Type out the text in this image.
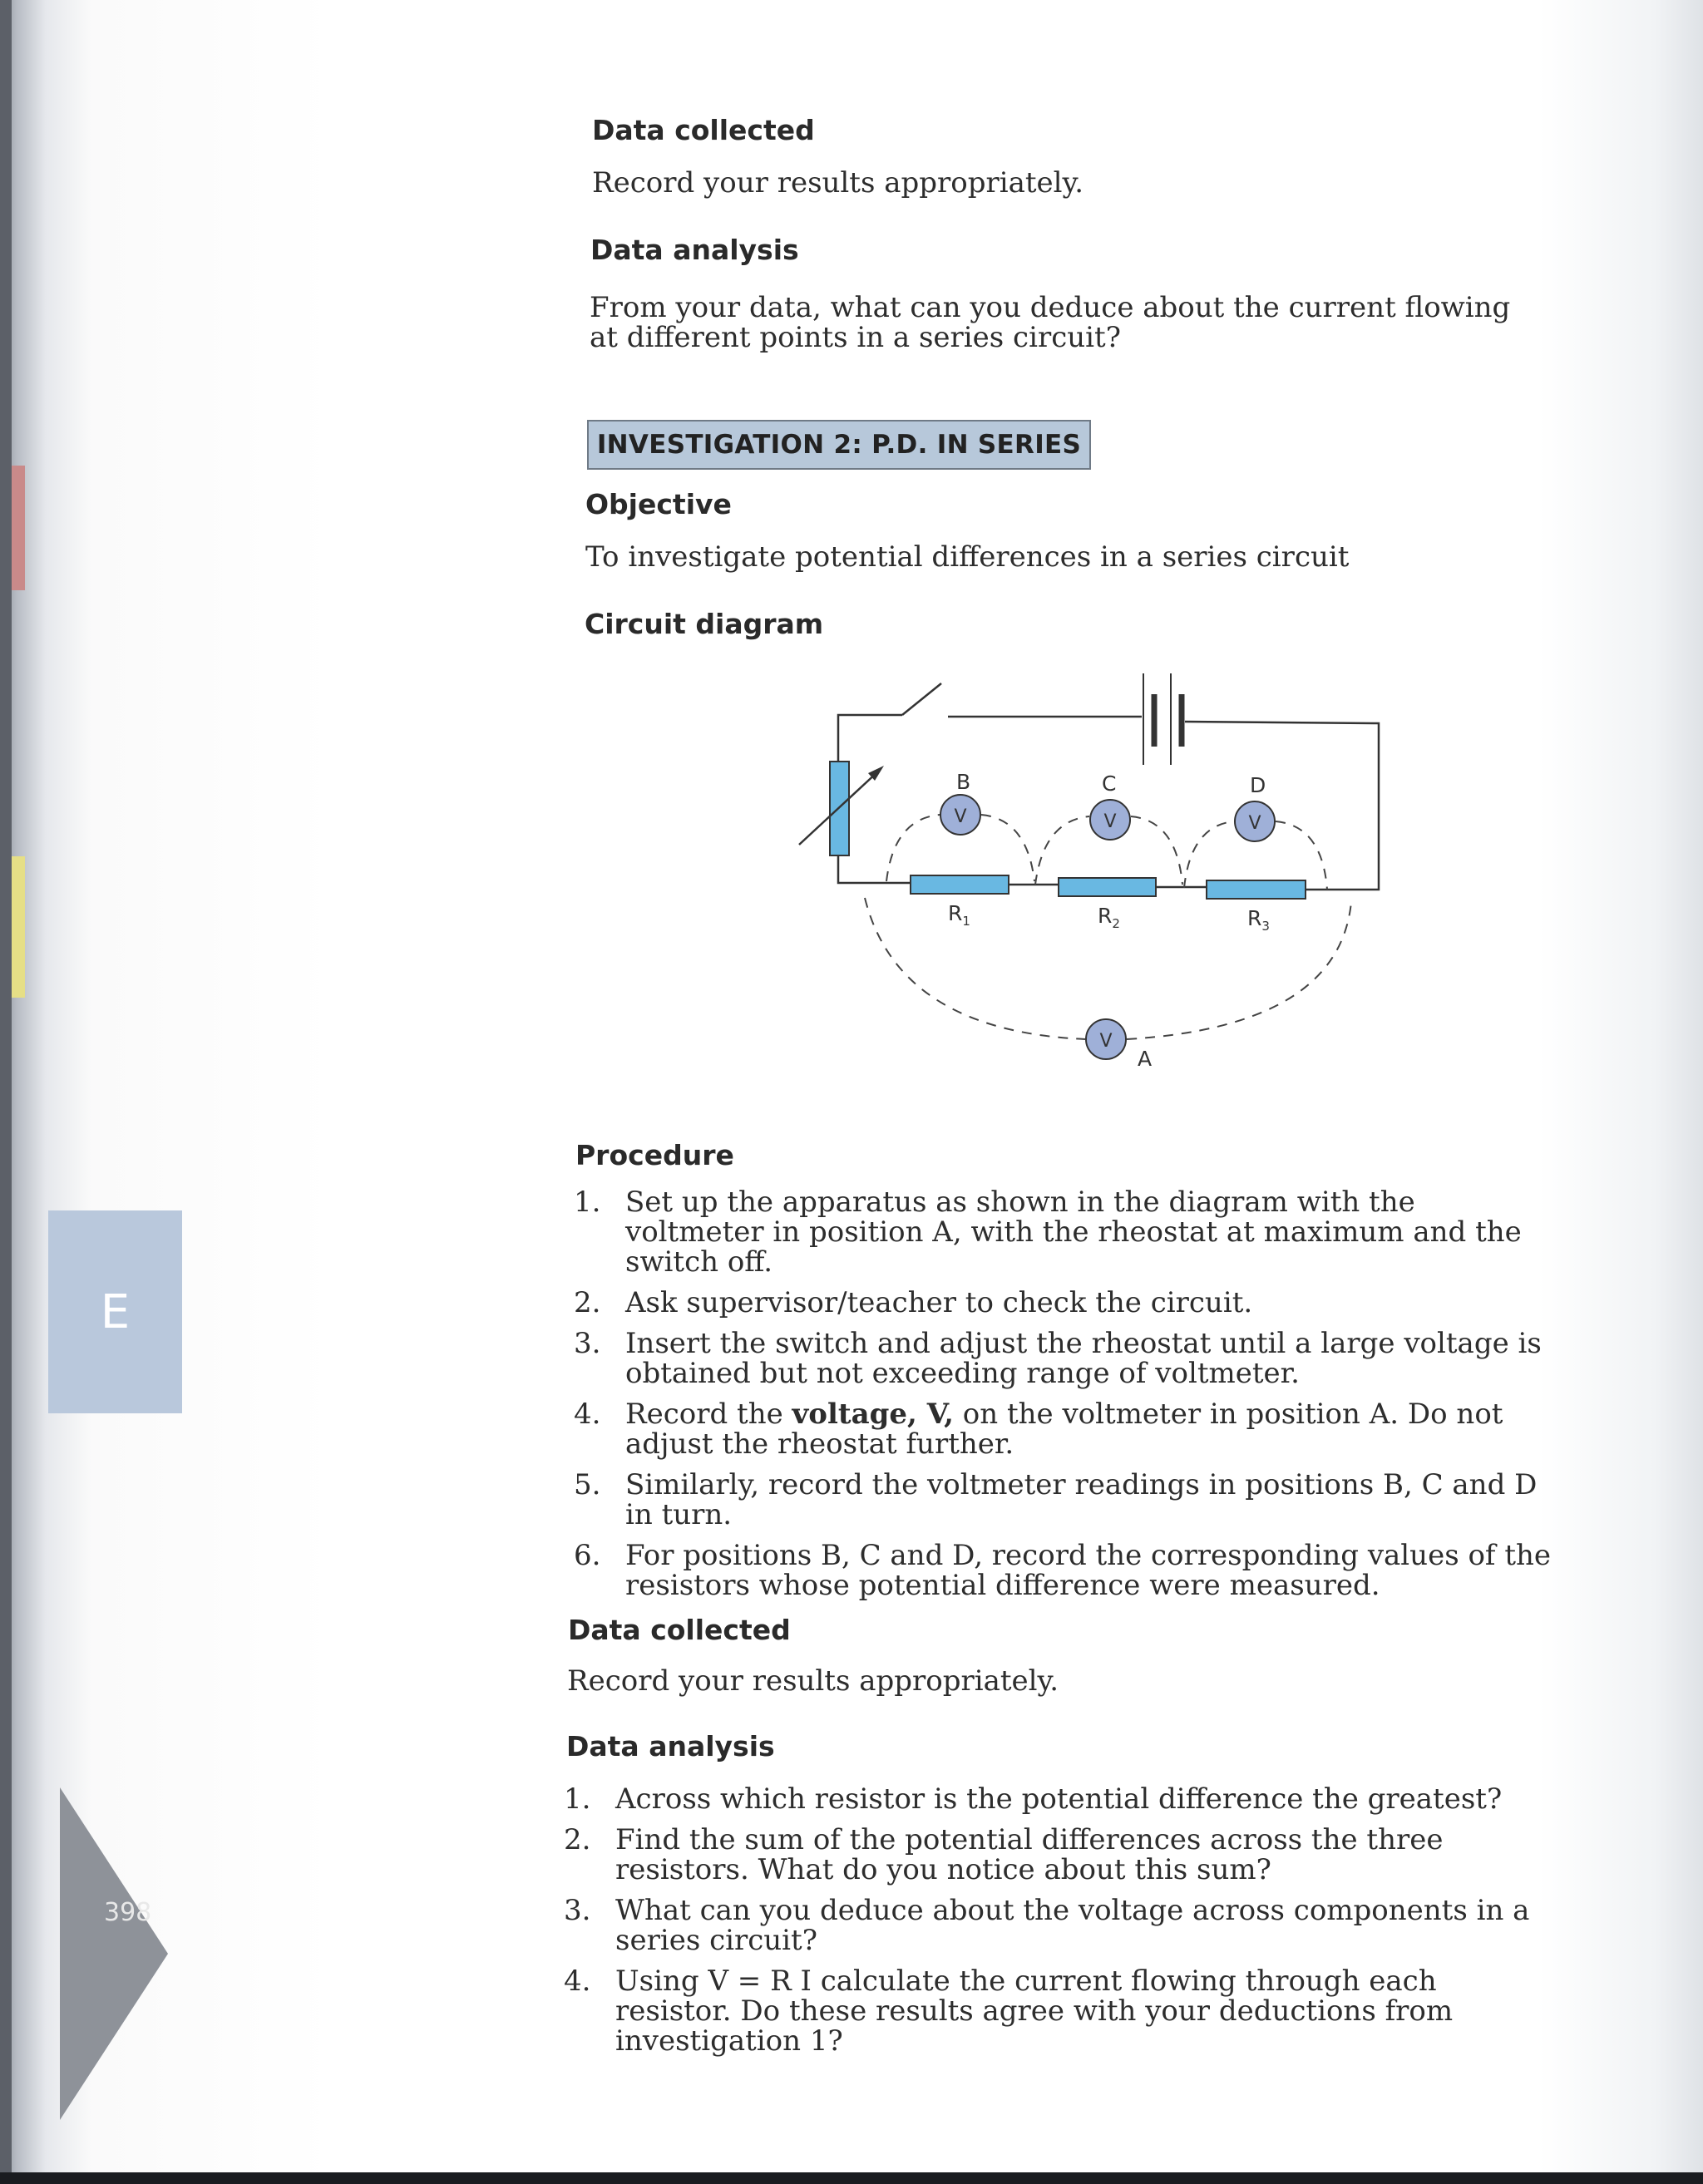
Data collected

Record your results appropriately.

Data analysis

From your data, what can you deduce about the current flowing at different points in a series circuit?

INVESTIGATION 2: P.D. IN SERIES
Objective

To investigate potential differences in a series circuit

Circuit diagram
V	V	V
V
B	C	D
A
$R_1$	$R_2$	$R_3$
Procedure
1. Set up the apparatus as shown in the diagram with the voltmeter in position A, with the rheostat at maximum and the switch off.
2. Ask supervisor/teacher to check the circuit.
3. Insert the switch and adjust the rheostat until a large voltage is obtained but not exceeding range of voltmeter.
4. Record the voltage, V, on the voltmeter in position A. Do not adjust the rheostat further.
5. Similarly, record the voltmeter readings in positions B, C and D in turn.
6. For positions B, C and D, record the corresponding values of the resistors whose potential difference were measured.
Data collected

Record your results appropriately.

Data analysis
1. Across which resistor is the potential difference the greatest?
2. Find the sum of the potential differences across the three resistors. What do you notice about this sum?
3. What can you deduce about the voltage across components in a series circuit?
4. Using V = R I calculate the current flowing through each resistor. Do these results agree with your deductions from investigation 1?
E
398
